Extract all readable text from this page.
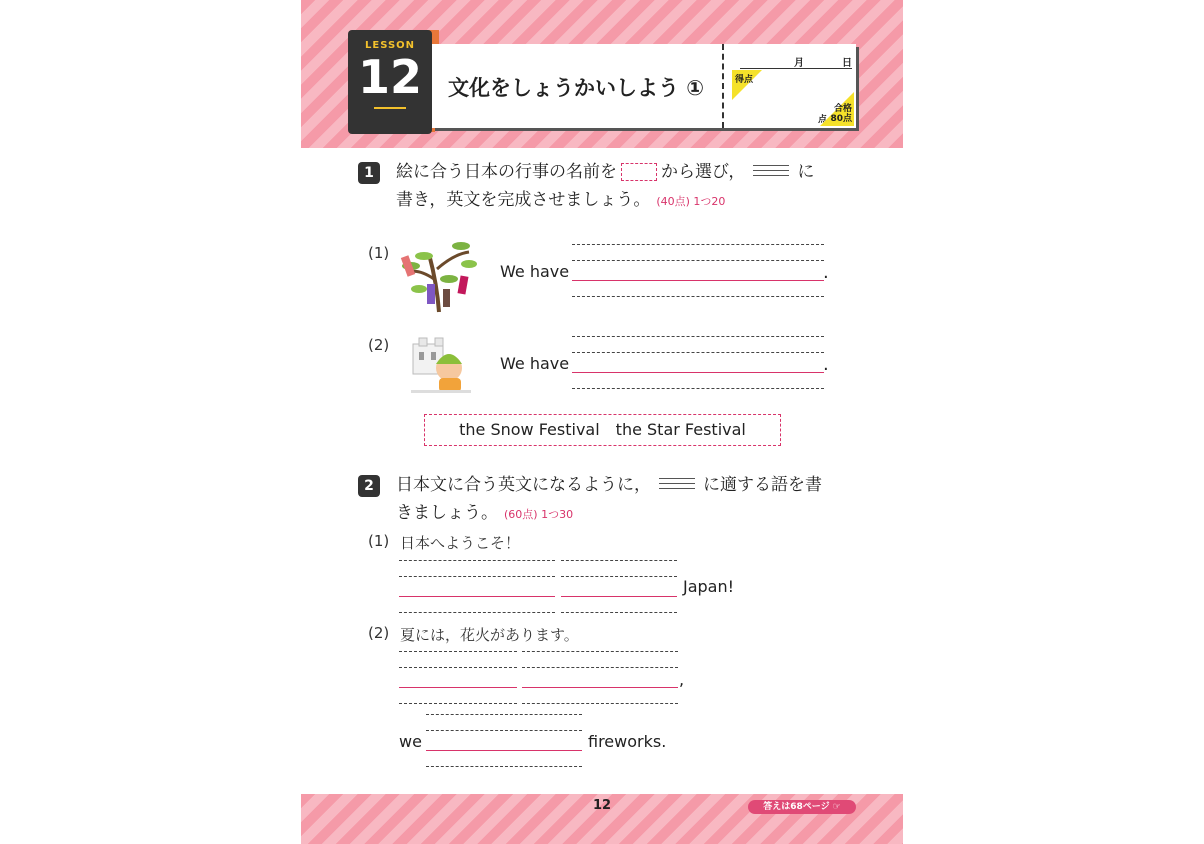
LESSON
12	文化をしょうかいしよう ①
月	日
得点
点
合格
80点
1	絵に合う日本の行事の名前を	から選び，	に
書き，英文を完成させましょう。 (40点) 1つ20
(1)
We have	.
(2)
We have	.
the Snow Festival　the Star Festival
2	日本文に合う英文になるように，	に適する語を書
きましょう。 (60点) 1つ30
(1) 日本へようこそ！
Japan!
(2) 夏には，花火があります。
,
we	fireworks.
12	答えは68ページ ☞
